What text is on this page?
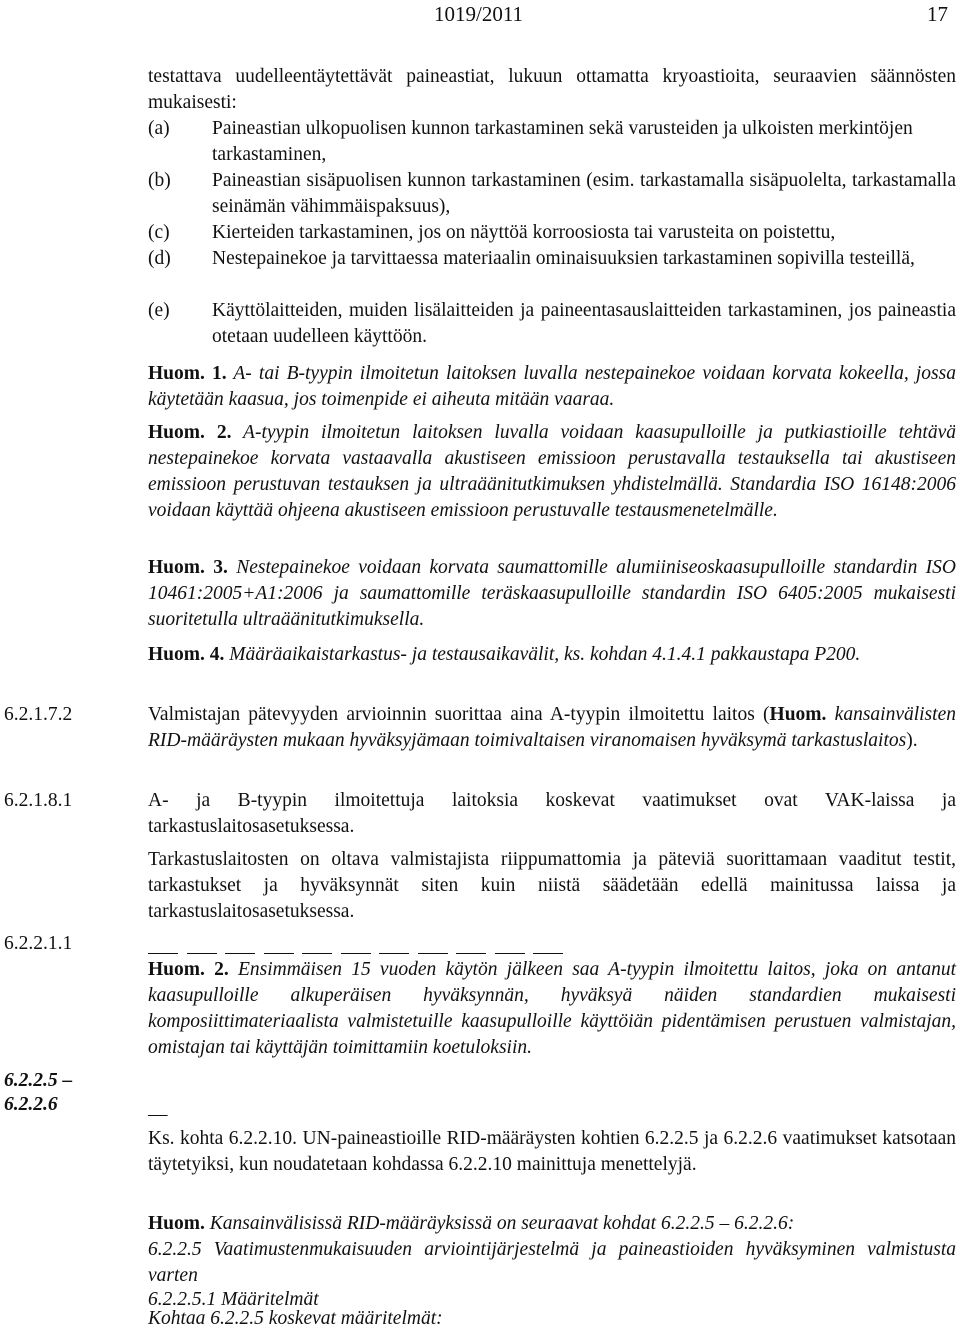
1019/2011	17
testattava uudelleentäytettävät paineastiat, lukuun ottamatta kryoastioita, seuraavien säännösten mukaisesti:
(a) Paineastian ulkopuolisen kunnon tarkastaminen sekä varusteiden ja ulkoisten merkintöjen tarkastaminen,
(b) Paineastian sisäpuolisen kunnon tarkastaminen (esim. tarkastamalla sisäpuolelta, tarkastamalla seinämän vähimmäispaksuus),
(c) Kierteiden tarkastaminen, jos on näyttöä korroosiosta tai varusteita on poistettu,
(d) Nestepainekoe ja tarvittaessa materiaalin ominaisuuksien tarkastaminen sopivilla testeillä,
(e) Käyttölaitteiden, muiden lisälaitteiden ja paineentasauslaitteiden tarkastaminen, jos paineastia otetaan uudelleen käyttöön.
Huom. 1. A- tai B-tyypin ilmoitetun laitoksen luvalla nestepainekoe voidaan korvata kokeella, jossa käytetään kaasua, jos toimenpide ei aiheuta mitään vaaraa.
Huom. 2. A-tyypin ilmoitetun laitoksen luvalla voidaan kaasupulloille ja putkiastioille tehtävä nestepainekoe korvata vastaavalla akustiseen emissioon perustavalla testauksella tai akustiseen emissioon perustuvan testauksen ja ultraäänitutkimuksen yhdistelmällä. Standardia ISO 16148:2006 voidaan käyttää ohjeena akustiseen emissioon perustuvalle testausmenetelmälle.
Huom. 3. Nestepainekoe voidaan korvata saumattomille alumiiniseoskaasupulloille standardin ISO 10461:2005+A1:2006 ja saumattomille teräskaasupulloille standardin ISO 6405:2005 mukaisesti suoritetulla ultraäänitutkimuksella.
Huom. 4. Määräaikaistarkastus- ja testausaikavälit, ks. kohdan 4.1.4.1 pakkaustapa P200.
6.2.1.7.2	Valmistajan pätevyyden arvioinnin suorittaa aina A-tyypin ilmoitettu laitos (Huom. kansainvälisten RID-määräysten mukaan hyväksyjämaan toimivaltaisen viranomaisen hyväksymä tarkastuslaitos).
6.2.1.8.1	A- ja B-tyypin ilmoitettuja laitoksia koskevat vaatimukset ovat VAK-laissa ja tarkastuslaitosasetuksessa.
Tarkastuslaitosten on oltava valmistajista riippumattomia ja päteviä suorittamaan vaaditut testit, tarkastukset ja hyväksynnät siten kuin niistä säädetään edellä mainitussa laissa ja tarkastuslaitosasetuksessa.
6.2.2.1.1
Huom. 2. Ensimmäisen 15 vuoden käytön jälkeen saa A-tyypin ilmoitettu laitos, joka on antanut kaasupulloille alkuperäisen hyväksynnän, hyväksyä näiden standardien mukaisesti komposiittimateriaalista valmistetuille kaasupulloille käyttöiän pidentämisen perustuen valmistajan, omistajan tai käyttäjän toimittamiin koetuloksiin.
6.2.2.5 –
6.2.2.6	—
Ks. kohta 6.2.2.10. UN-paineastioille RID-määräysten kohtien 6.2.2.5 ja 6.2.2.6 vaatimukset katsotaan täytetyiksi, kun noudatetaan kohdassa 6.2.2.10 mainittuja menettelyjä.
Huom. Kansainvälisissä RID-määräyksissä on seuraavat kohdat 6.2.2.5 – 6.2.2.6:
6.2.2.5 Vaatimustenmukaisuuden arviointijärjestelmä ja paineastioiden hyväksyminen valmistusta varten
6.2.2.5.1 Määritelmät
Kohtaa 6.2.2.5 koskevat määritelmät:
